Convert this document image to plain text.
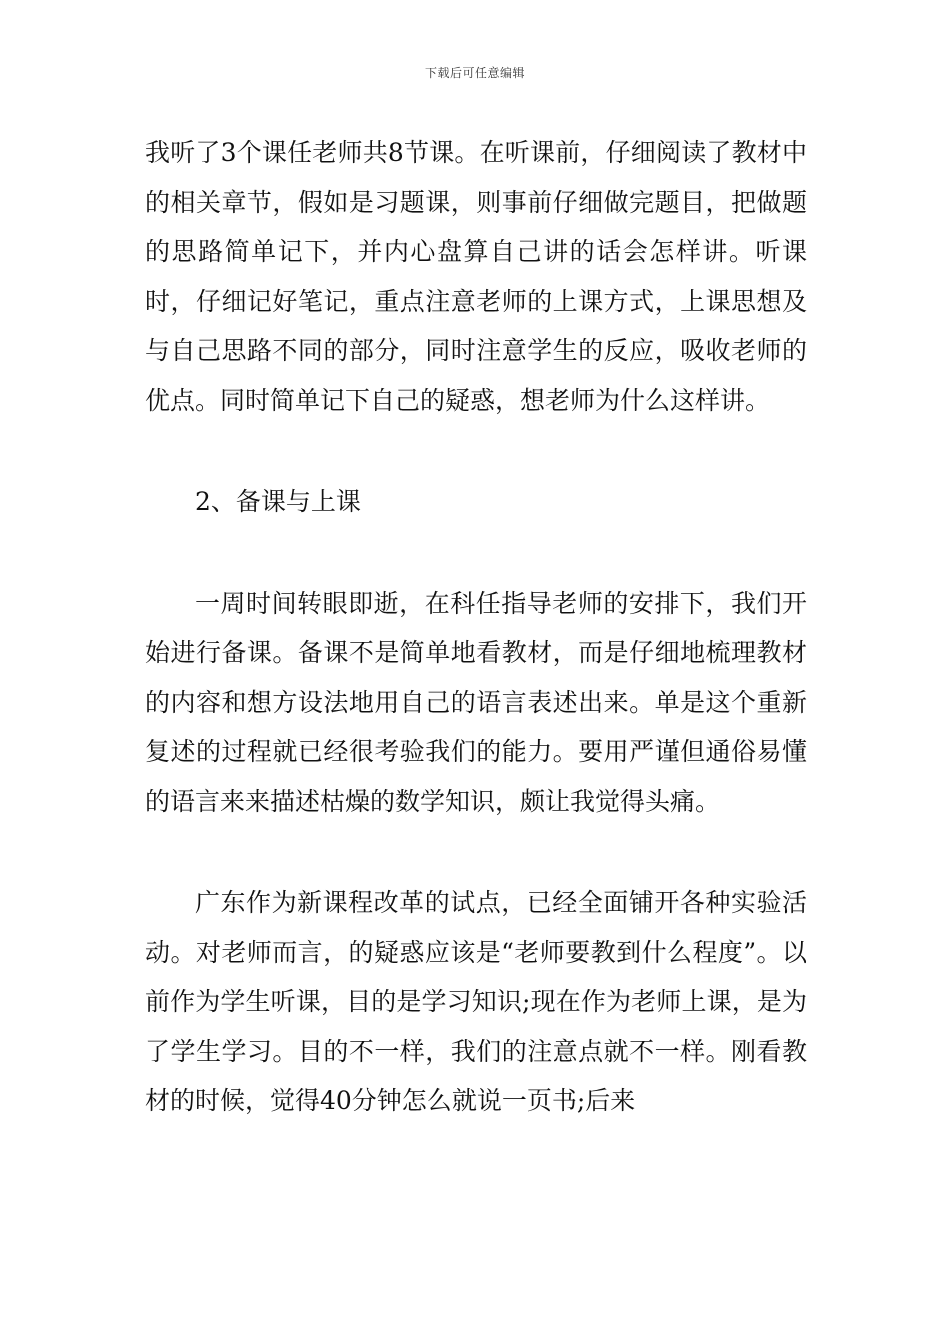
下载后可任意编辑

我听了3个课任老师共8节课。在听课前，仔细阅读了教材中的相关章节，假如是习题课，则事前仔细做完题目，把做题的思路简单记下，并内心盘算自己讲的话会怎样讲。听课时，仔细记好笔记，重点注意老师的上课方式，上课思想及与自己思路不同的部分，同时注意学生的反应，吸收老师的优点。同时简单记下自己的疑惑，想老师为什么这样讲。

2、备课与上课

一周时间转眼即逝，在科任指导老师的安排下，我们开始进行备课。备课不是简单地看教材，而是仔细地梳理教材的内容和想方设法地用自己的语言表述出来。单是这个重新复述的过程就已经很考验我们的能力。要用严谨但通俗易懂的语言来来描述枯燥的数学知识，颇让我觉得头痛。

广东作为新课程改革的试点，已经全面铺开各种实验活动。对老师而言，的疑惑应该是“老师要教到什么程度”。以前作为学生听课，目的是学习知识;现在作为老师上课，是为了学生学习。目的不一样，我们的注意点就不一样。刚看教材的时候，觉得40分钟怎么就说一页书;后来
